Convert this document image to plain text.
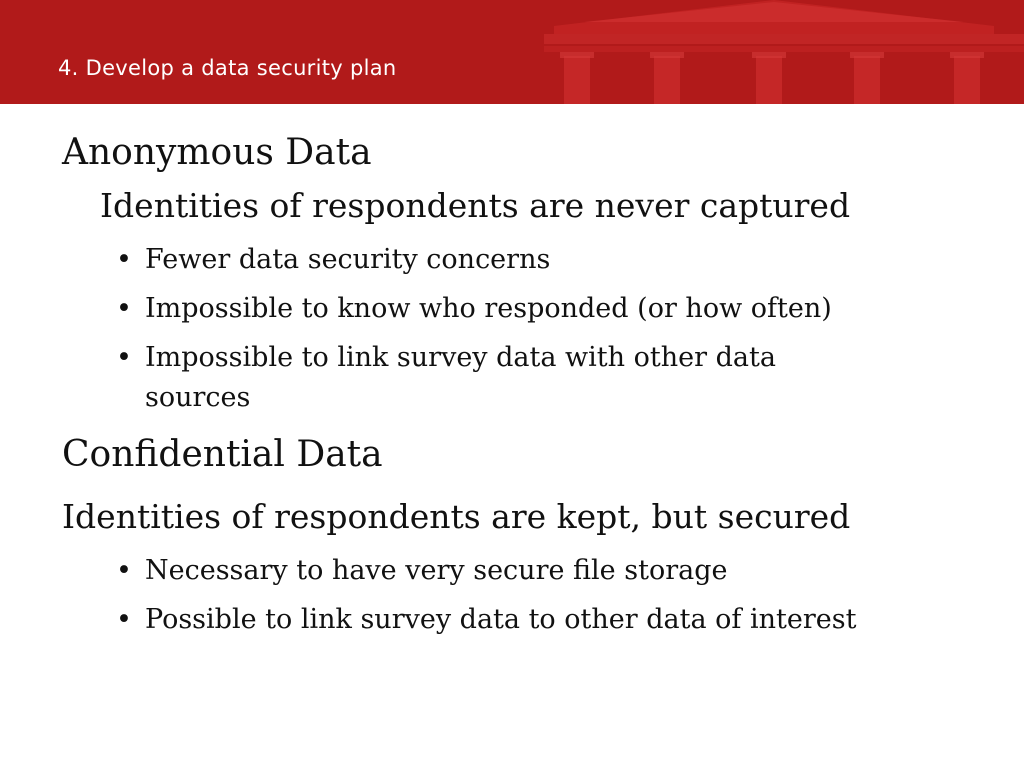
4. Develop a data security plan
Anonymous Data
Identities of respondents are never captured
• Fewer data security concerns
• Impossible to know who responded (or how often)
• Impossible to link survey data with other data sources
Confidential Data
Identities of respondents are kept, but secured
• Necessary to have very secure file storage
• Possible to link survey data to other data of interest
